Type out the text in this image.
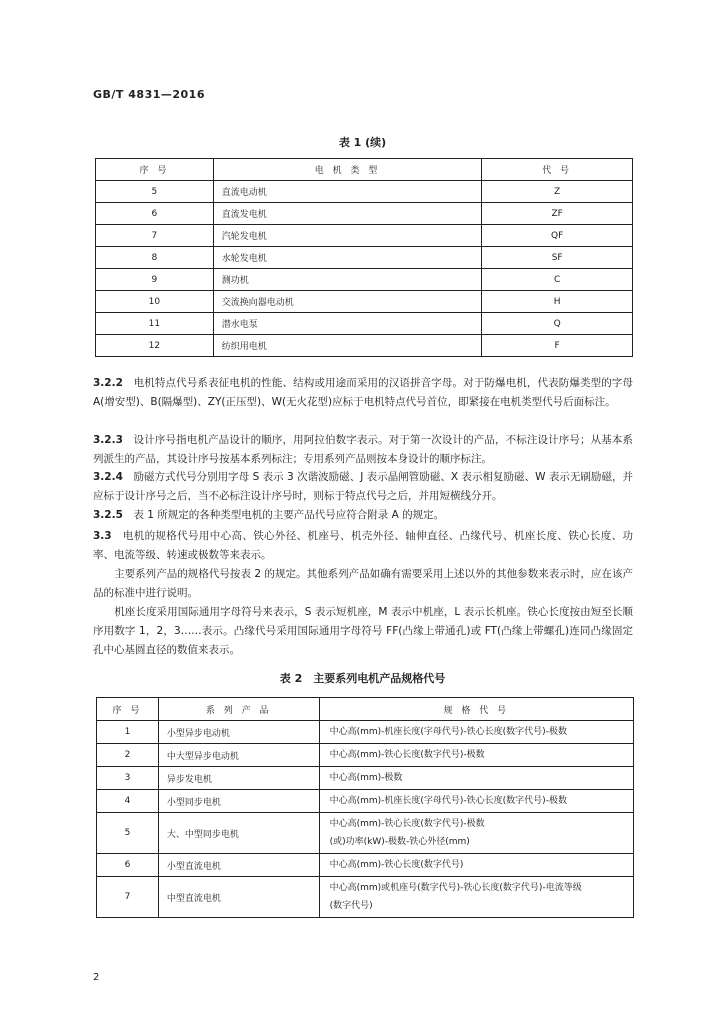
GB/T 4831—2016
表 1 (续)
序 号	电 机 类 型	代 号
5	直流电动机	Z
6	直流发电机	ZF
7	汽轮发电机	QF
8	水轮发电机	SF
9	测功机	C
10	交流换向器电动机	H
11	潜水电泵	Q
12	纺织用电机	F
3.2.2　 电机特点代号系表征电机的性能、结构或用途而采用的汉语拼音字母。对于防爆电机，代表防爆类型的字母 A(增安型)、B(隔爆型)、ZY(正压型)、W(无火花型)应标于电机特点代号首位，即紧接在电机类型代号后面标注。
3.2.3　 设计序号指电机产品设计的顺序，用阿拉伯数字表示。对于第一次设计的产品，不标注设计序号；从基本系列派生的产品，其设计序号按基本系列标注；专用系列产品则按本身设计的顺序标注。
3.2.4　 励磁方式代号分别用字母 S 表示 3 次谐波励磁、J 表示晶闸管励磁、X 表示相复励磁、W 表示无刷励磁，并应标于设计序号之后，当不必标注设计序号时，则标于特点代号之后，并用短横线分开。
3.2.5　 表 1 所规定的各种类型电机的主要产品代号应符合附录 A 的规定。
3.3　 电机的规格代号用中心高、铁心外径、机座号、机壳外径、轴伸直径、凸缘代号、机座长度、铁心长度、功率、电流等级、转速或极数等来表示。
　　主要系列产品的规格代号按表 2 的规定。其他系列产品如确有需要采用上述以外的其他参数来表示时，应在该产品的标准中进行说明。
　　机座长度采用国际通用字母符号来表示，S 表示短机座，M 表示中机座，L 表示长机座。铁心长度按由短至长顺序用数字 1，2，3……表示。凸缘代号采用国际通用字母符号 FF(凸缘上带通孔)或 FT(凸缘上带螺孔)连同凸缘固定孔中心基圆直径的数值来表示。
表 2　主要系列电机产品规格代号
序 号	系 列 产 品	规 格 代 号
1	小型异步电动机	中心高(mm)-机座长度(字母代号)-铁心长度(数字代号)-极数
2	中大型异步电动机	中心高(mm)-铁心长度(数字代号)-极数
3	异步发电机	中心高(mm)-极数
4	小型同步电机	中心高(mm)-机座长度(字母代号)-铁心长度(数字代号)-极数
5	大、中型同步电机	中心高(mm)-铁心长度(数字代号)-极数
(或)功率(kW)-极数-铁心外径(mm)
6	小型直流电机	中心高(mm)-铁心长度(数字代号)
7	中型直流电机	中心高(mm)或机座号(数字代号)-铁心长度(数字代号)-电流等级
(数字代号)
2
